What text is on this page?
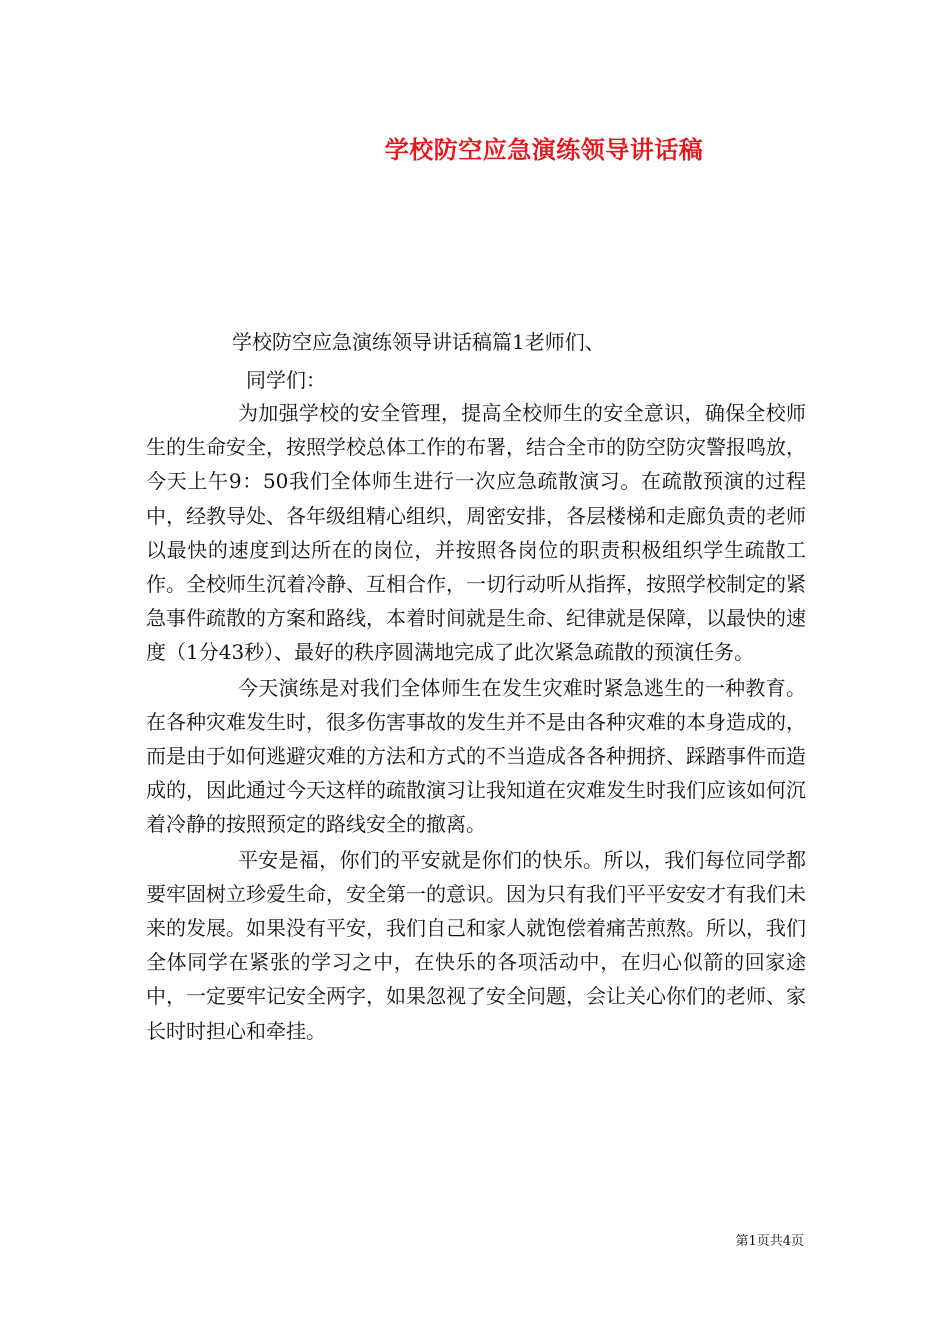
学校防空应急演练领导讲话稿
学校防空应急演练领导讲话稿篇1老师们、
同学们：

为加强学校的安全管理，提高全校师生的安全意识，确保全校师生的生命安全，按照学校总体工作的布署，结合全市的防空防灾警报鸣放，今天上午9：50我们全体师生进行一次应急疏散演习。在疏散预演的过程中，经教导处、各年级组精心组织，周密安排，各层楼梯和走廊负责的老师以最快的速度到达所在的岗位，并按照各岗位的职责积极组织学生疏散工作。全校师生沉着冷静、互相合作，一切行动听从指挥，按照学校制定的紧急事件疏散的方案和路线，本着时间就是生命、纪律就是保障，以最快的速度（1分43秒）、最好的秩序圆满地完成了此次紧急疏散的预演任务。

今天演练是对我们全体师生在发生灾难时紧急逃生的一种教育。在各种灾难发生时，很多伤害事故的发生并不是由各种灾难的本身造成的，而是由于如何逃避灾难的方法和方式的不当造成各各种拥挤、踩踏事件而造成的，因此通过今天这样的疏散演习让我知道在灾难发生时我们应该如何沉着冷静的按照预定的路线安全的撤离。

平安是福，你们的平安就是你们的快乐。所以，我们每位同学都要牢固树立珍爱生命，安全第一的意识。因为只有我们平平安安才有我们未来的发展。如果没有平安，我们自己和家人就饱偿着痛苦煎熬。所以，我们全体同学在紧张的学习之中，在快乐的各项活动中，在归心似箭的回家途中，一定要牢记安全两字，如果忽视了安全问题，会让关心你们的老师、家长时时担心和牵挂。

第1页共4页
